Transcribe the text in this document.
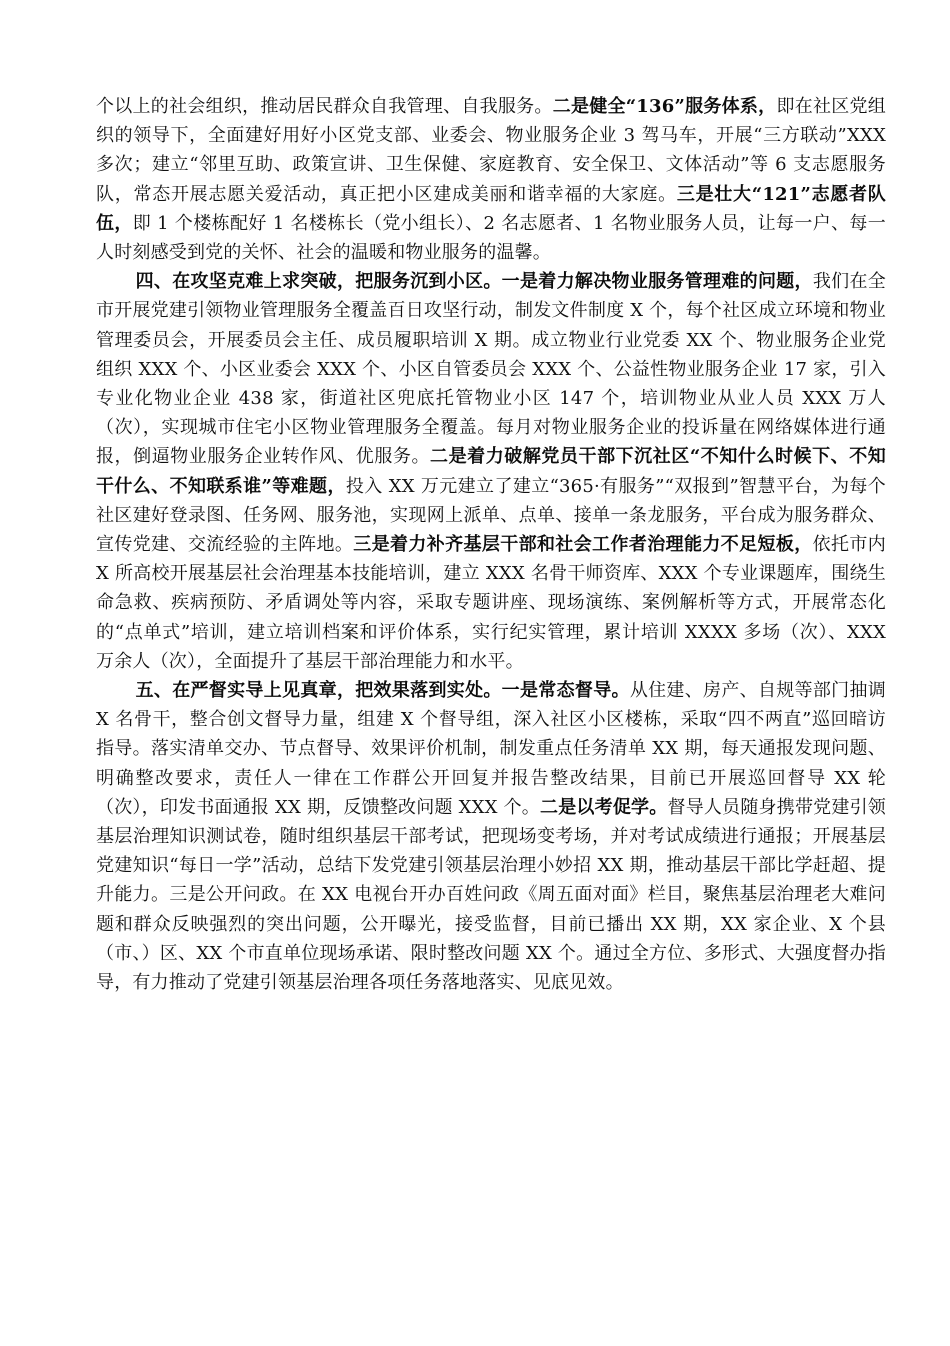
个以上的社会组织，推动居民群众自我管理、自我服务。二是健全“136”服务体系，即在社区党组织的领导下，全面建好用好小区党支部、业委会、物业服务企业 3 驾马车，开展“三方联动”XXX 多次；建立“邻里互助、政策宣讲、卫生保健、家庭教育、安全保卫、文体活动”等 6 支志愿服务队，常态开展志愿关爱活动，真正把小区建成美丽和谐幸福的大家庭。三是壮大“121”志愿者队伍，即 1 个楼栋配好 1 名楼栋长（党小组长）、2 名志愿者、1 名物业服务人员，让每一户、每一人时刻感受到党的关怀、社会的温暖和物业服务的温馨。

四、在攻坚克难上求突破，把服务沉到小区。一是着力解决物业服务管理难的问题，我们在全市开展党建引领物业管理服务全覆盖百日攻坚行动，制发文件制度 X 个，每个社区成立环境和物业管理委员会，开展委员会主任、成员履职培训 X 期。成立物业行业党委 XX 个、物业服务企业党组织 XXX 个、小区业委会 XXX 个、小区自管委员会 XXX 个、公益性物业服务企业 17 家，引入专业化物业企业 438 家，街道社区兜底托管物业小区 147 个，培训物业从业人员 XXX 万人（次），实现城市住宅小区物业管理服务全覆盖。每月对物业服务企业的投诉量在网络媒体进行通报，倒逼物业服务企业转作风、优服务。二是着力破解党员干部下沉社区“不知什么时候下、不知干什么、不知联系谁”等难题，投入 XX 万元建立了建立“365·有服务”“双报到”智慧平台，为每个社区建好登录图、任务网、服务池，实现网上派单、点单、接单一条龙服务，平台成为服务群众、宣传党建、交流经验的主阵地。三是着力补齐基层干部和社会工作者治理能力不足短板，依托市内 X 所高校开展基层社会治理基本技能培训，建立 XXX 名骨干师资库、XXX 个专业课题库，围绕生命急救、疾病预防、矛盾调处等内容，采取专题讲座、现场演练、案例解析等方式，开展常态化的“点单式”培训，建立培训档案和评价体系，实行纪实管理，累计培训 XXXX 多场（次）、XXX 万余人（次），全面提升了基层干部治理能力和水平。

五、在严督实导上见真章，把效果落到实处。一是常态督导。从住建、房产、自规等部门抽调 X 名骨干，整合创文督导力量，组建 X 个督导组，深入社区小区楼栋，采取“四不两直”巡回暗访指导。落实清单交办、节点督导、效果评价机制，制发重点任务清单 XX 期，每天通报发现问题、明确整改要求，责任人一律在工作群公开回复并报告整改结果，目前已开展巡回督导 XX 轮（次），印发书面通报 XX 期，反馈整改问题 XXX 个。二是以考促学。督导人员随身携带党建引领基层治理知识测试卷，随时组织基层干部考试，把现场变考场，并对考试成绩进行通报；开展基层党建知识“每日一学”活动，总结下发党建引领基层治理小妙招 XX 期，推动基层干部比学赶超、提升能力。三是公开问政。在 XX 电视台开办百姓问政《周五面对面》栏目，聚焦基层治理老大难问题和群众反映强烈的突出问题，公开曝光，接受监督，目前已播出 XX 期，XX 家企业、X 个县（市、）区、XX 个市直单位现场承诺、限时整改问题 XX 个。通过全方位、多形式、大强度督办指导，有力推动了党建引领基层治理各项任务落地落实、见底见效。
